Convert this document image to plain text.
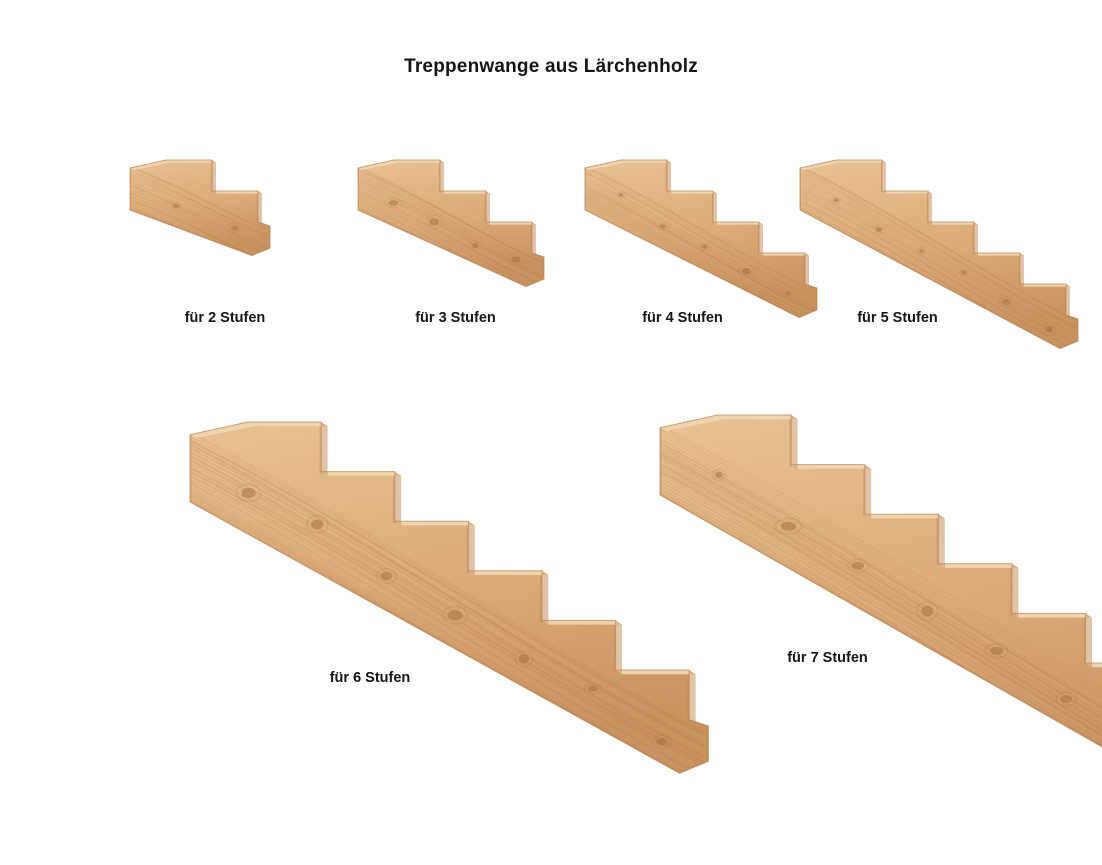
Treppenwange aus Lärchenholz
für 2 Stufen	für 3 Stufen	für 4 Stufen	für 5 Stufen
für 6 Stufen
für 7 Stufen
